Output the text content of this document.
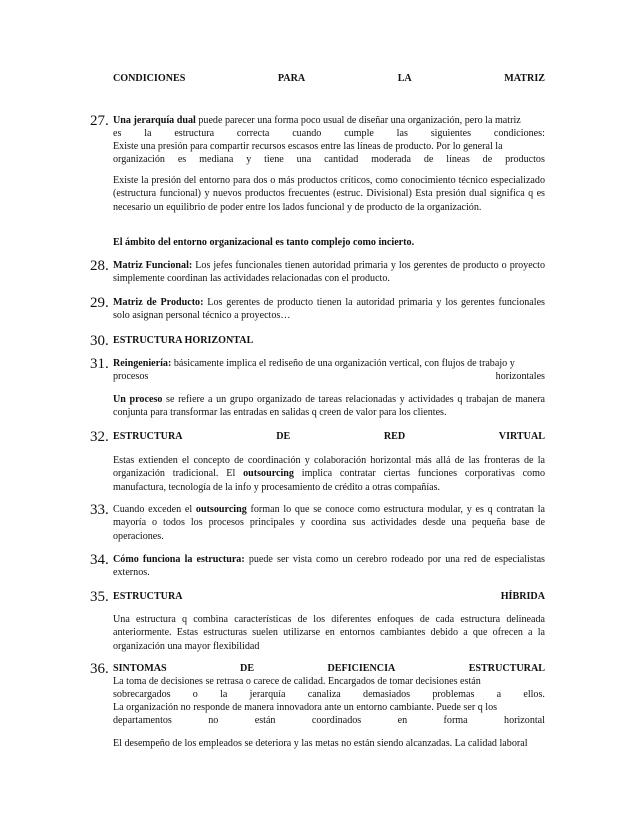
CONDICIONES	PARA	LA	MATRIZ
27. Una jerarquía dual puede parecer una forma poco usual de diseñar una organización, pero la matriz
es la estructura correcta cuando cumple las siguientes condiciones:
Existe una presión para compartir recursos escasos entre las líneas de producto. Por lo general la
organización es mediana y tiene una cantidad moderada de líneas de productos
Existe la presión del entorno para dos o más productos críticos, como conocimiento técnico especializado (estructura funcional) y nuevos productos frecuentes (estruc. Divisional) Esta presión dual significa q es necesario un equilibrio de poder entre los lados funcional y de producto de la organización.
El ámbito del entorno organizacional es tanto complejo como incierto.
28. Matriz Funcional: Los jefes funcionales tienen autoridad primaria y los gerentes de producto o proyecto simplemente coordinan las actividades relacionadas con el producto.
29. Matriz de Producto: Los gerentes de producto tienen la autoridad primaria y los gerentes funcionales solo asignan personal técnico a proyectos…
30. ESTRUCTURA HORIZONTAL
31. Reingeniería: básicamente implica el rediseño de una organización vertical, con flujos de trabajo y
procesos	horizontales
Un proceso se refiere a un grupo organizado de tareas relacionadas y actividades q trabajan de manera conjunta para transformar las entradas en salidas q creen de valor para los clientes.
32. ESTRUCTURA	DE	RED	VIRTUAL
Estas extienden el concepto de coordinación y colaboración horizontal más allá de las fronteras de la organización tradicional. El outsourcing implica contratar ciertas funciones corporativas como manufactura, tecnología de la info y procesamiento de crédito a otras compañías.
33. Cuando exceden el outsourcing forman lo que se conoce como estructura modular, y es q contratan la mayoría o todos los procesos principales y coordina sus actividades desde una pequeña base de operaciones.
34. Cómo funciona la estructura: puede ser vista como un cerebro rodeado por una red de especialistas externos.
35. ESTRUCTURA	HÍBRIDA
Una estructura q combina características de los diferentes enfoques de cada estructura delineada anteriormente. Estas estructuras suelen utilizarse en entornos cambiantes debido a que ofrecen a la organización una mayor flexibilidad
36. SINTOMAS	DE	DEFICIENCIA	ESTRUCTURAL
La toma de decisiones se retrasa o carece de calidad. Encargados de tomar decisiones están
sobrecargados o la jerarquía canaliza demasiados problemas a ellos.
La organización no responde de manera innovadora ante un entorno cambiante. Puede ser q los
departamentos	no	están	coordinados	en	forma	horizontal
El desempeño de los empleados se deteriora y las metas no están siendo alcanzadas. La calidad laboral
